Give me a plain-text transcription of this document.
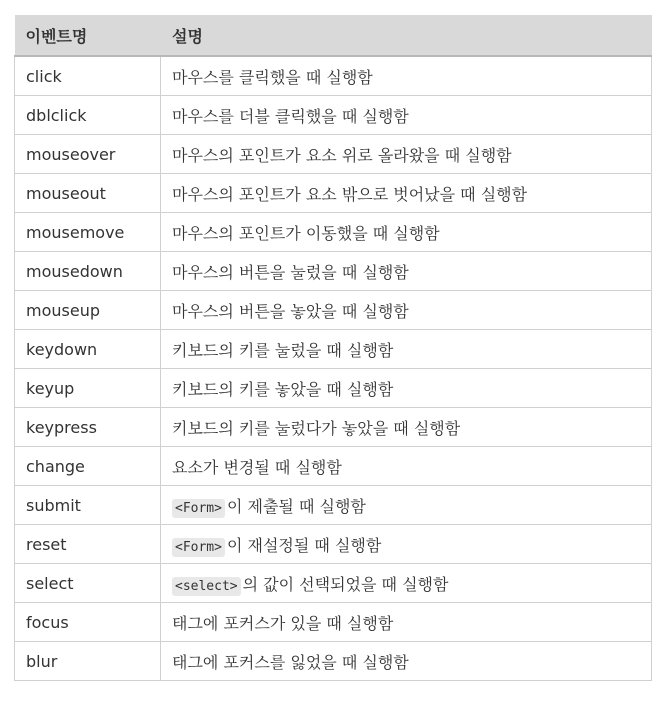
이벤트명	설명
click	마우스를 클릭했을 때 실행함
dblclick	마우스를 더블 클릭했을 때 실행함
mouseover	마우스의 포인트가 요소 위로 올라왔을 때 실행함
mouseout	마우스의 포인트가 요소 밖으로 벗어났을 때 실행함
mousemove	마우스의 포인트가 이동했을 때 실행함
mousedown	마우스의 버튼을 눌렀을 때 실행함
mouseup	마우스의 버튼을 놓았을 때 실행함
keydown	키보드의 키를 눌렀을 때 실행함
keyup	키보드의 키를 놓았을 때 실행함
keypress	키보드의 키를 눌렀다가 놓았을 때 실행함
change	요소가 변경될 때 실행함
submit	<Form> 이 제출될 때 실행함
reset	<Form> 이 재설정될 때 실행함
select	<select> 의 값이 선택되었을 때 실행함
focus	태그에 포커스가 있을 때 실행함
blur	태그에 포커스를 잃었을 때 실행함
